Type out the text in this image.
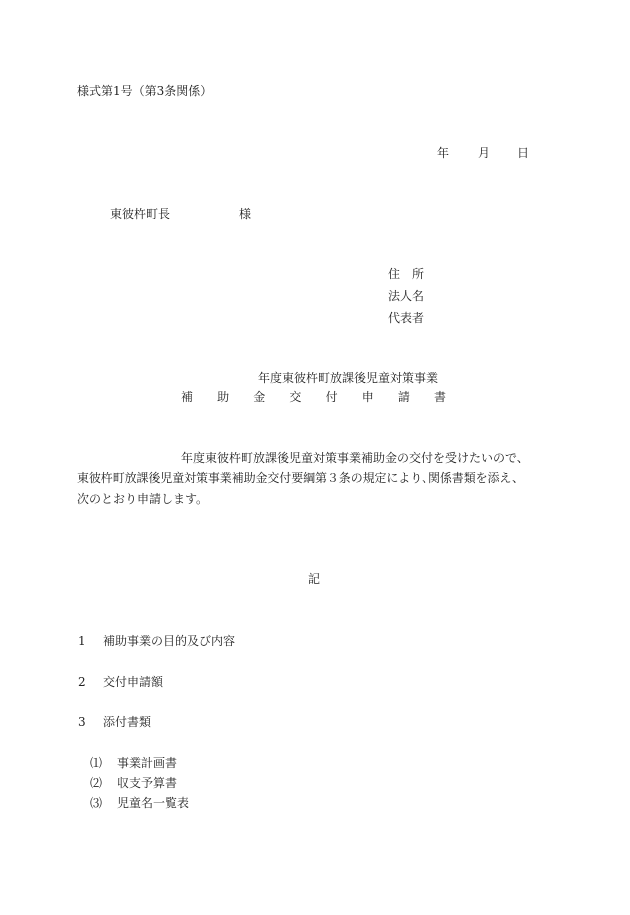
様式第1号（第3条関係）
年 月 日
東彼杵町長	様
住　所
法人名
代表者
年度東彼杵町放課後児童対策事業
補 助 金 交 付 申 請 書
年度東彼杵町放課後児童対策事業補助金の交付を受けたいので、
東彼杵町放課後児童対策事業補助金交付要綱第３条の規定により､関係書類を添え、
次のとおり申請します。
記
1 補助事業の目的及び内容
2 交付申請額
3 添付書類
⑴ 事業計画書
⑵ 収支予算書
⑶ 児童名一覧表
